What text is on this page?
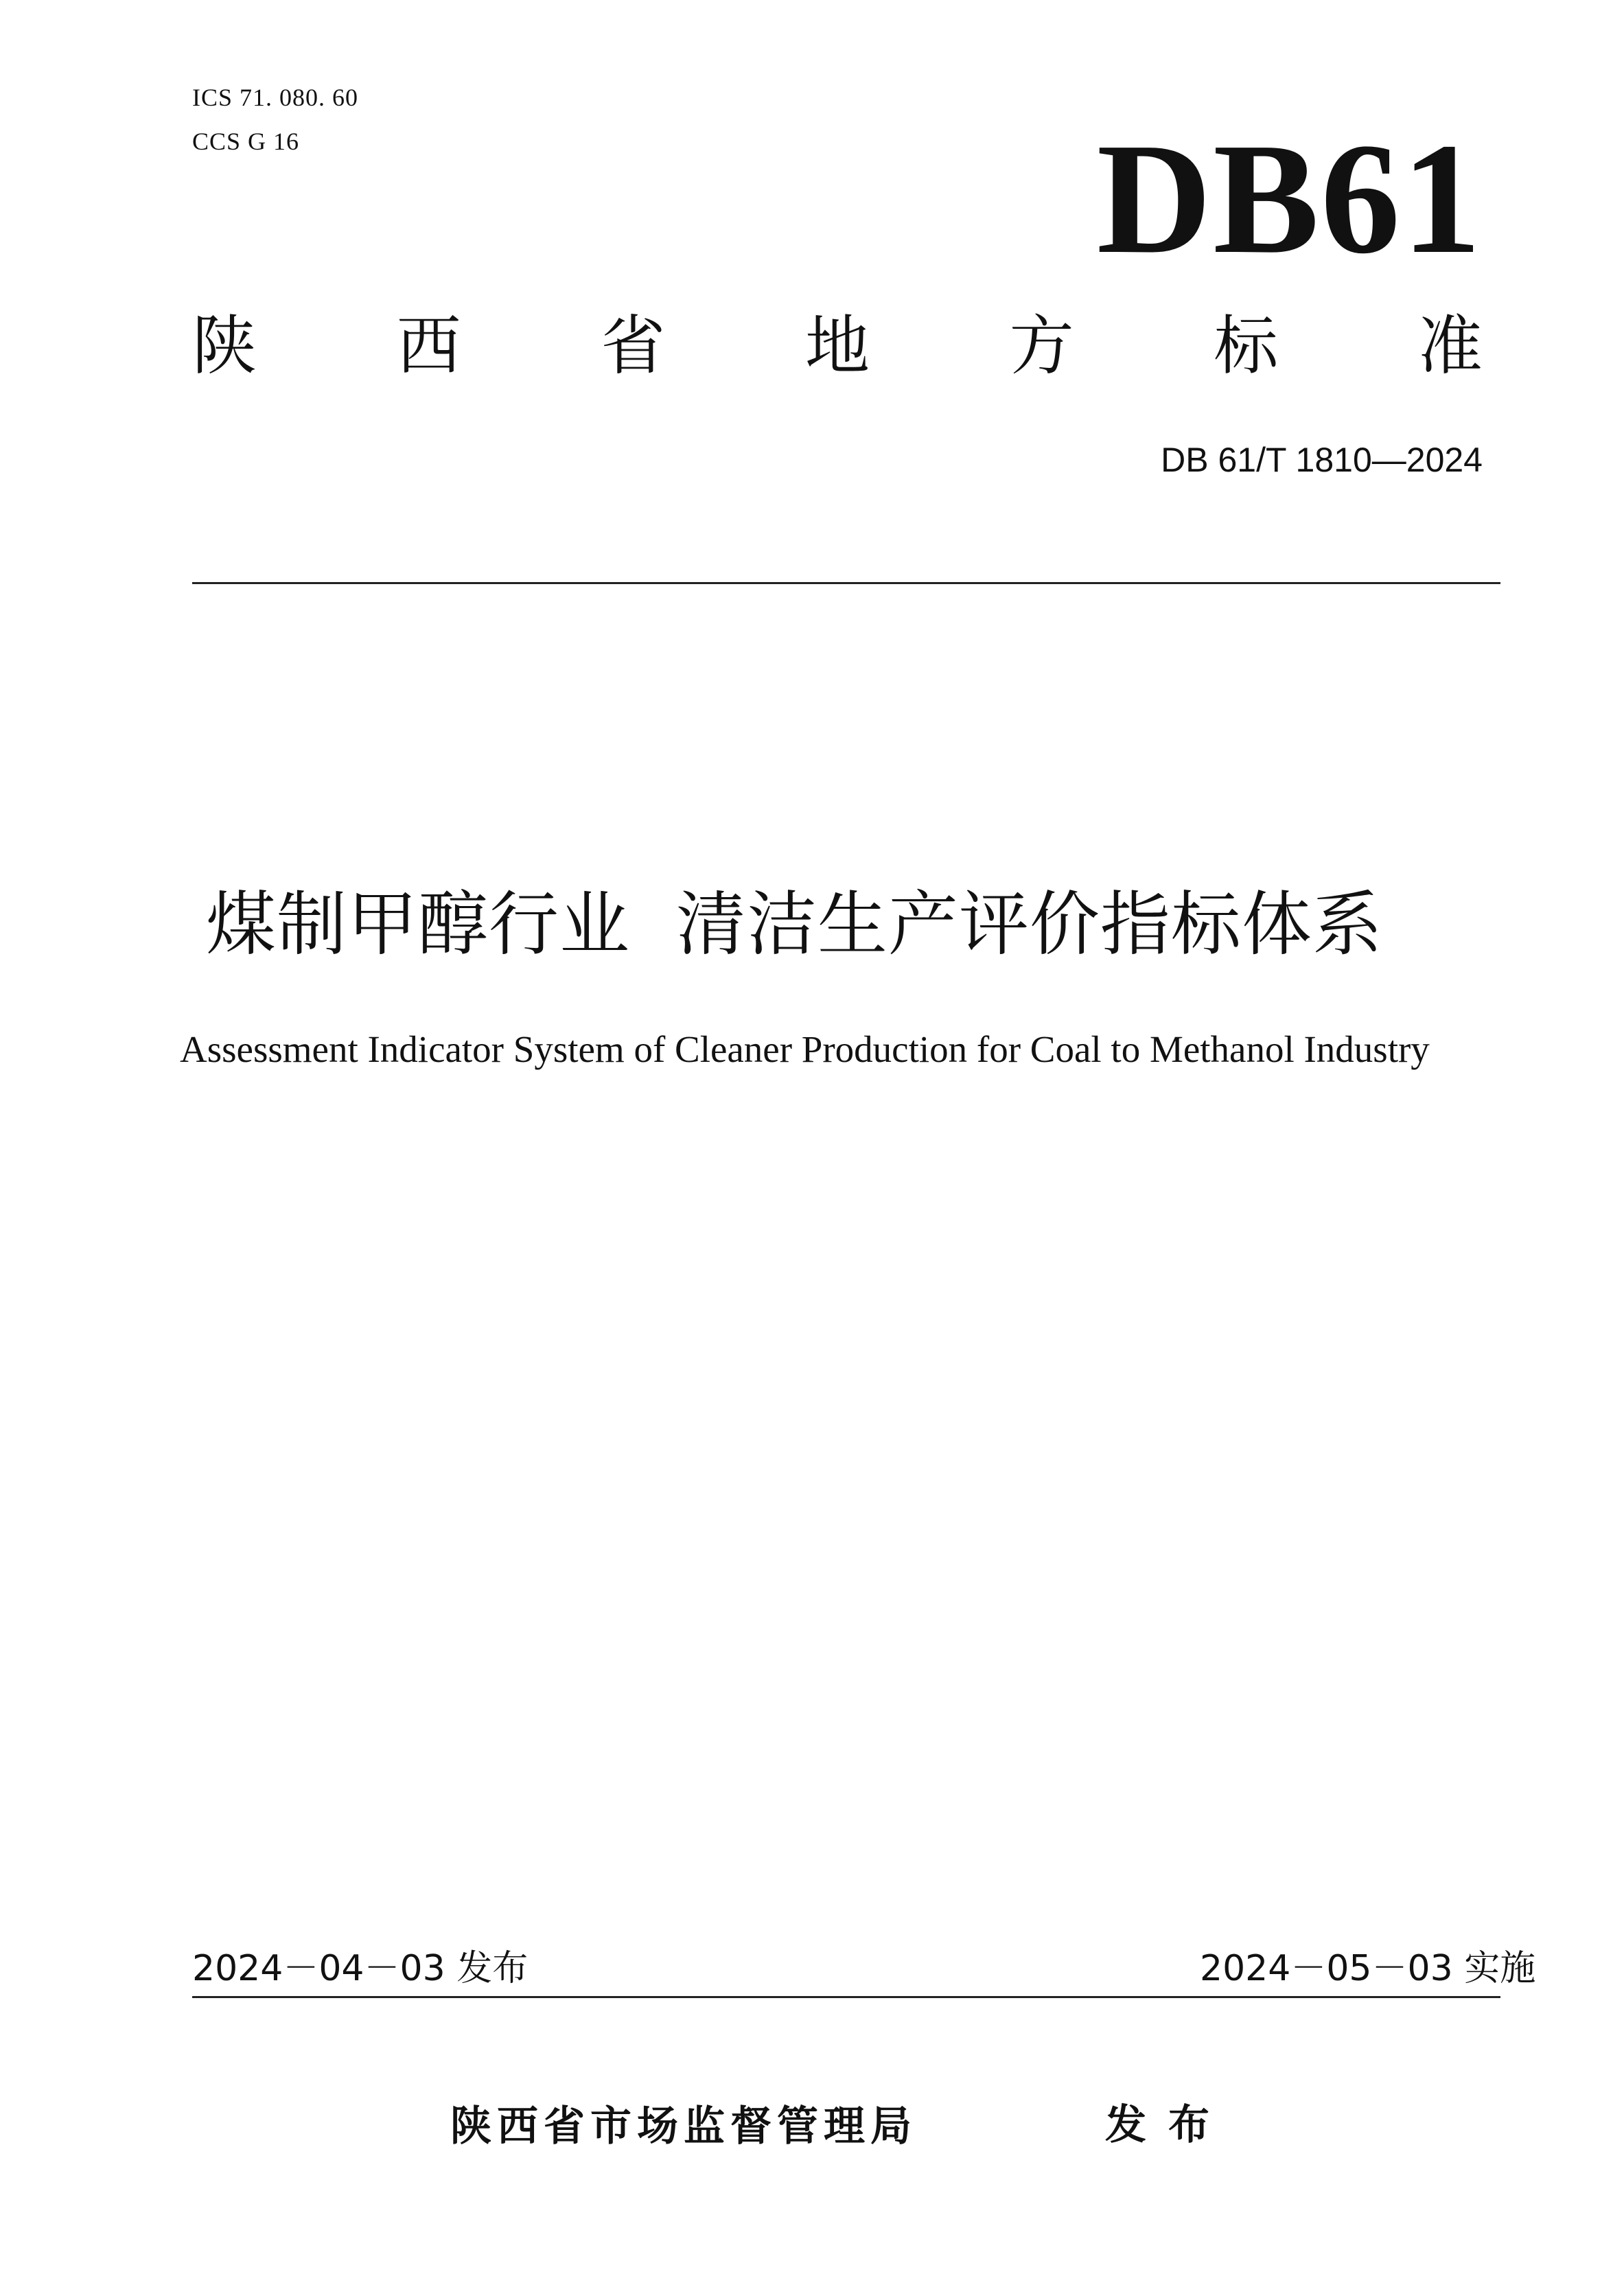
ICS 71. 080. 60
CCS G 16	DB61
陕 西 省 地 方 标 准
DB 61/T 1810—2024
煤制甲醇行业  清洁生产评价指标体系
Assessment Indicator System of Cleaner Production for Coal to Methanol Industry
2024－04－03 发布	2024－05－03 实施
陕西省市场监督管理局	发布
